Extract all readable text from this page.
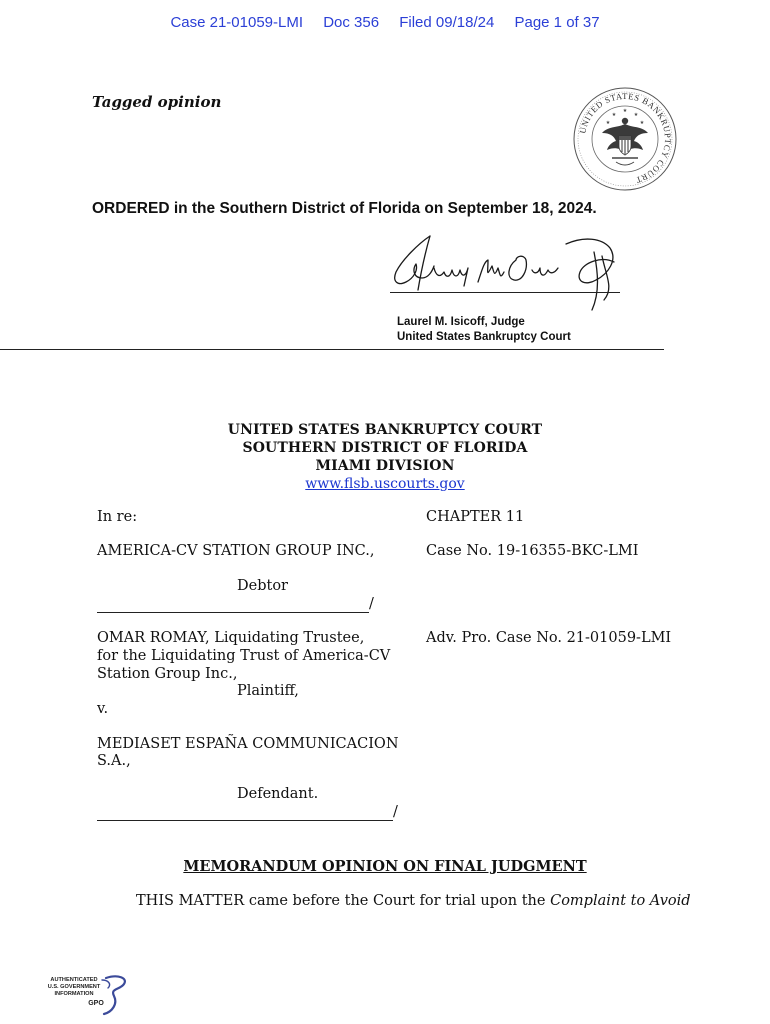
Case 21-01059-LMI Doc 356 Filed 09/18/24 Page 1 of 37
Tagged opinion
UNITED STATES BANKRUPTCY COURT
★
★
★
★	★
ORDERED in the Southern District of Florida on September 18, 2024.
Laurel M. Isicoff, Judge
United States Bankruptcy Court
UNITED STATES BANKRUPTCY COURT
SOUTHERN DISTRICT OF FLORIDA
MIAMI DIVISION
www.flsb.uscourts.gov
In re:
AMERICA-CV STATION GROUP INC.,
Debtor
/
OMAR ROMAY, Liquidating Trustee,
for the Liquidating Trust of America-CV
Station Group Inc.,
Plaintiff,
v.
MEDIASET ESPAÑA COMMUNICACION
S.A.,
Defendant.
/
CHAPTER 11
Case No. 19-16355-BKC-LMI
Adv. Pro. Case No. 21-01059-LMI
MEMORANDUM OPINION ON FINAL JUDGMENT
THIS MATTER came before the Court for trial upon the Complaint to Avoid
AUTHENTICATED
U.S. GOVERNMENT
INFORMATION
GPO
